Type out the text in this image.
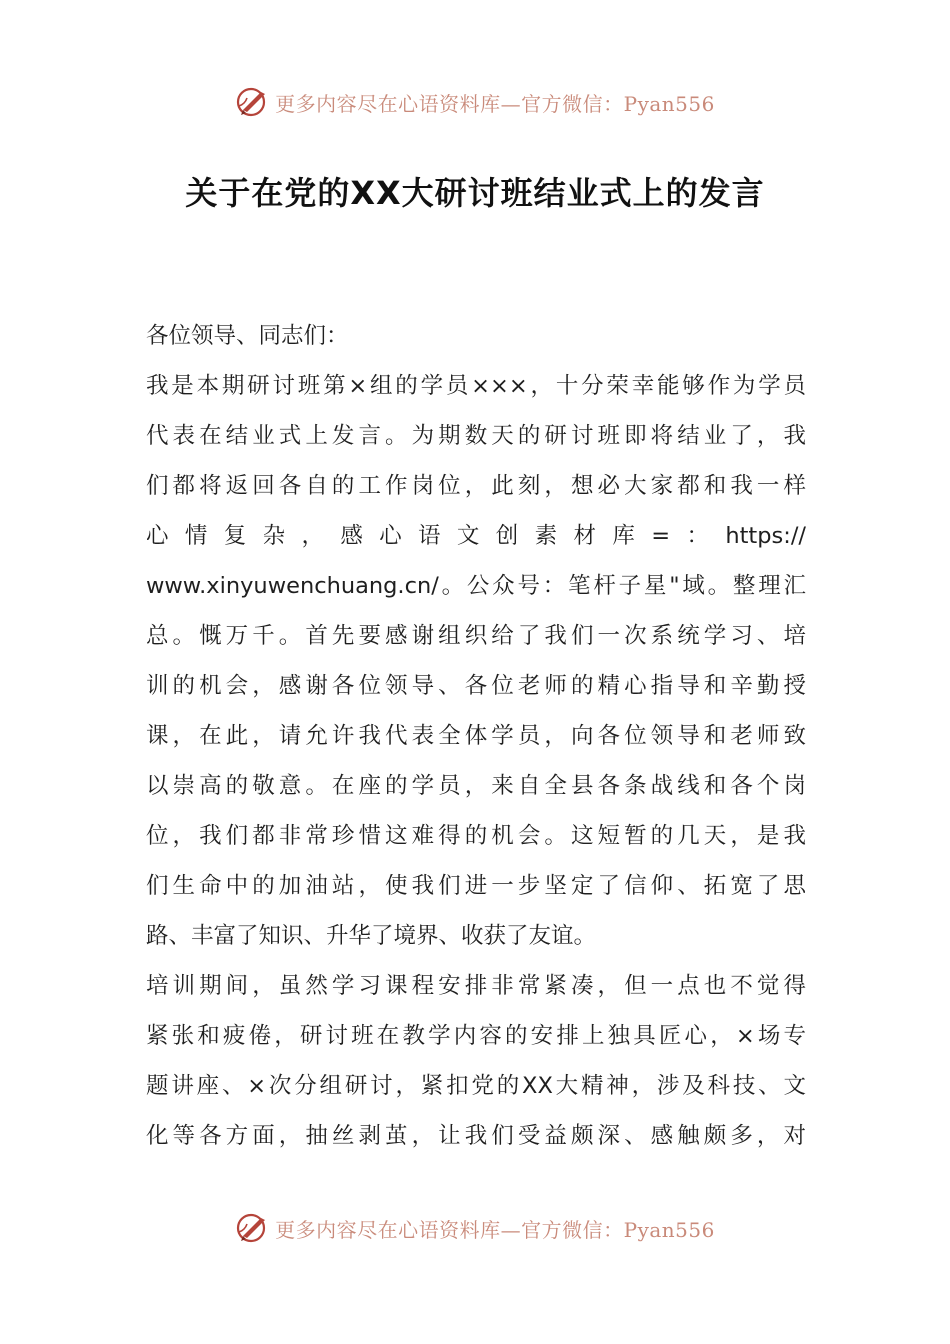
更多内容尽在心语资料库—官方微信：Pyan556
关于在党的XX大研讨班结业式上的发言
各位领导、同志们：
我是本期研讨班第×组的学员×××，十分荣幸能够作为学员
代表在结业式上发言。为期数天的研讨班即将结业了，我
们都将返回各自的工作岗位，此刻，想必大家都和我一样
心情复杂，感心语文创素材库=：https://
www.xinyuwenchuang.cn/。公众号：笔杆子星"域。整理汇
总。慨万千。首先要感谢组织给了我们一次系统学习、培
训的机会，感谢各位领导、各位老师的精心指导和辛勤授
课，在此，请允许我代表全体学员，向各位领导和老师致
以崇高的敬意。在座的学员，来自全县各条战线和各个岗
位，我们都非常珍惜这难得的机会。这短暂的几天，是我
们生命中的加油站，使我们进一步坚定了信仰、拓宽了思
路、丰富了知识、升华了境界、收获了友谊。
培训期间，虽然学习课程安排非常紧凑，但一点也不觉得
紧张和疲倦，研讨班在教学内容的安排上独具匠心，×场专
题讲座、×次分组研讨，紧扣党的XX大精神，涉及科技、文
化等各方面，抽丝剥茧，让我们受益颇深、感触颇多，对
更多内容尽在心语资料库—官方微信：Pyan556
